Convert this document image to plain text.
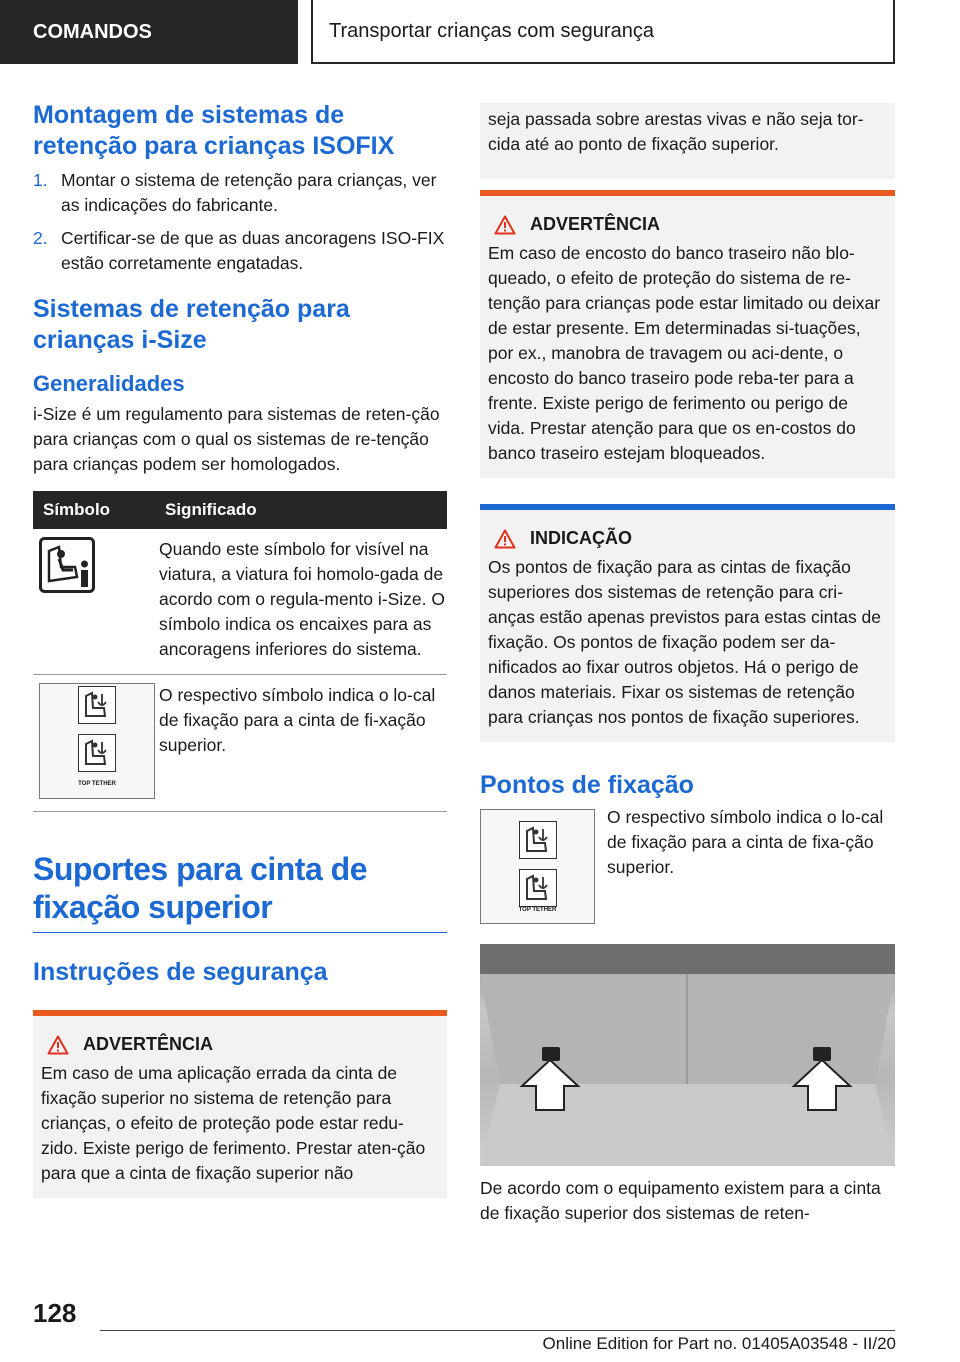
COMANDOS	Transportar crianças com segurança
Montagem de sistemas de retenção para crianças ISOFIX
1. Montar o sistema de retenção para crianças, ver as indicações do fabricante.
2. Certificar-se de que as duas ancoragens ISO-FIX estão corretamente engatadas.
Sistemas de retenção para crianças i-Size
Generalidades

i-Size é um regulamento para sistemas de reten-ção para crianças com o qual os sistemas de re-tenção para crianças podem ser homologados.

Símbolo	Significado
	Quando este símbolo for visível na viatura, a viatura foi homolo-gada de acordo com o regula-mento i-Size. O símbolo indica os encaixes para as ancoragens inferiores do sistema.

TOP TETHER	O respectivo símbolo indica o lo-cal de fixação para a cinta de fi-xação superior.
Suportes para cinta de fixação superior
Instruções de segurança
ADVERTÊNCIA

Em caso de uma aplicação errada da cinta de fixação superior no sistema de retenção para crianças, o efeito de proteção pode estar redu-zido. Existe perigo de ferimento. Prestar aten-ção para que a cinta de fixação superior não

seja passada sobre arestas vivas e não seja tor-cida até ao ponto de fixação superior.

ADVERTÊNCIA

Em caso de encosto do banco traseiro não blo-queado, o efeito de proteção do sistema de re-tenção para crianças pode estar limitado ou deixar de estar presente. Em determinadas si-tuações, por ex., manobra de travagem ou aci-dente, o encosto do banco traseiro pode reba-ter para a frente. Existe perigo de ferimento ou perigo de vida. Prestar atenção para que os en-costos do banco traseiro estejam bloqueados.

INDICAÇÃO

Os pontos de fixação para as cintas de fixação superiores dos sistemas de retenção para cri-anças estão apenas previstos para estas cintas de fixação. Os pontos de fixação podem ser da-nificados ao fixar outros objetos. Há o perigo de danos materiais. Fixar os sistemas de retenção para crianças nos pontos de fixação superiores.

Pontos de fixação
TOP TETHER

O respectivo símbolo indica o lo-cal de fixação para a cinta de fixa-ção superior.

De acordo com o equipamento existem para a cinta de fixação superior dos sistemas de reten-

128
Online Edition for Part no. 01405A03548 - II/20
